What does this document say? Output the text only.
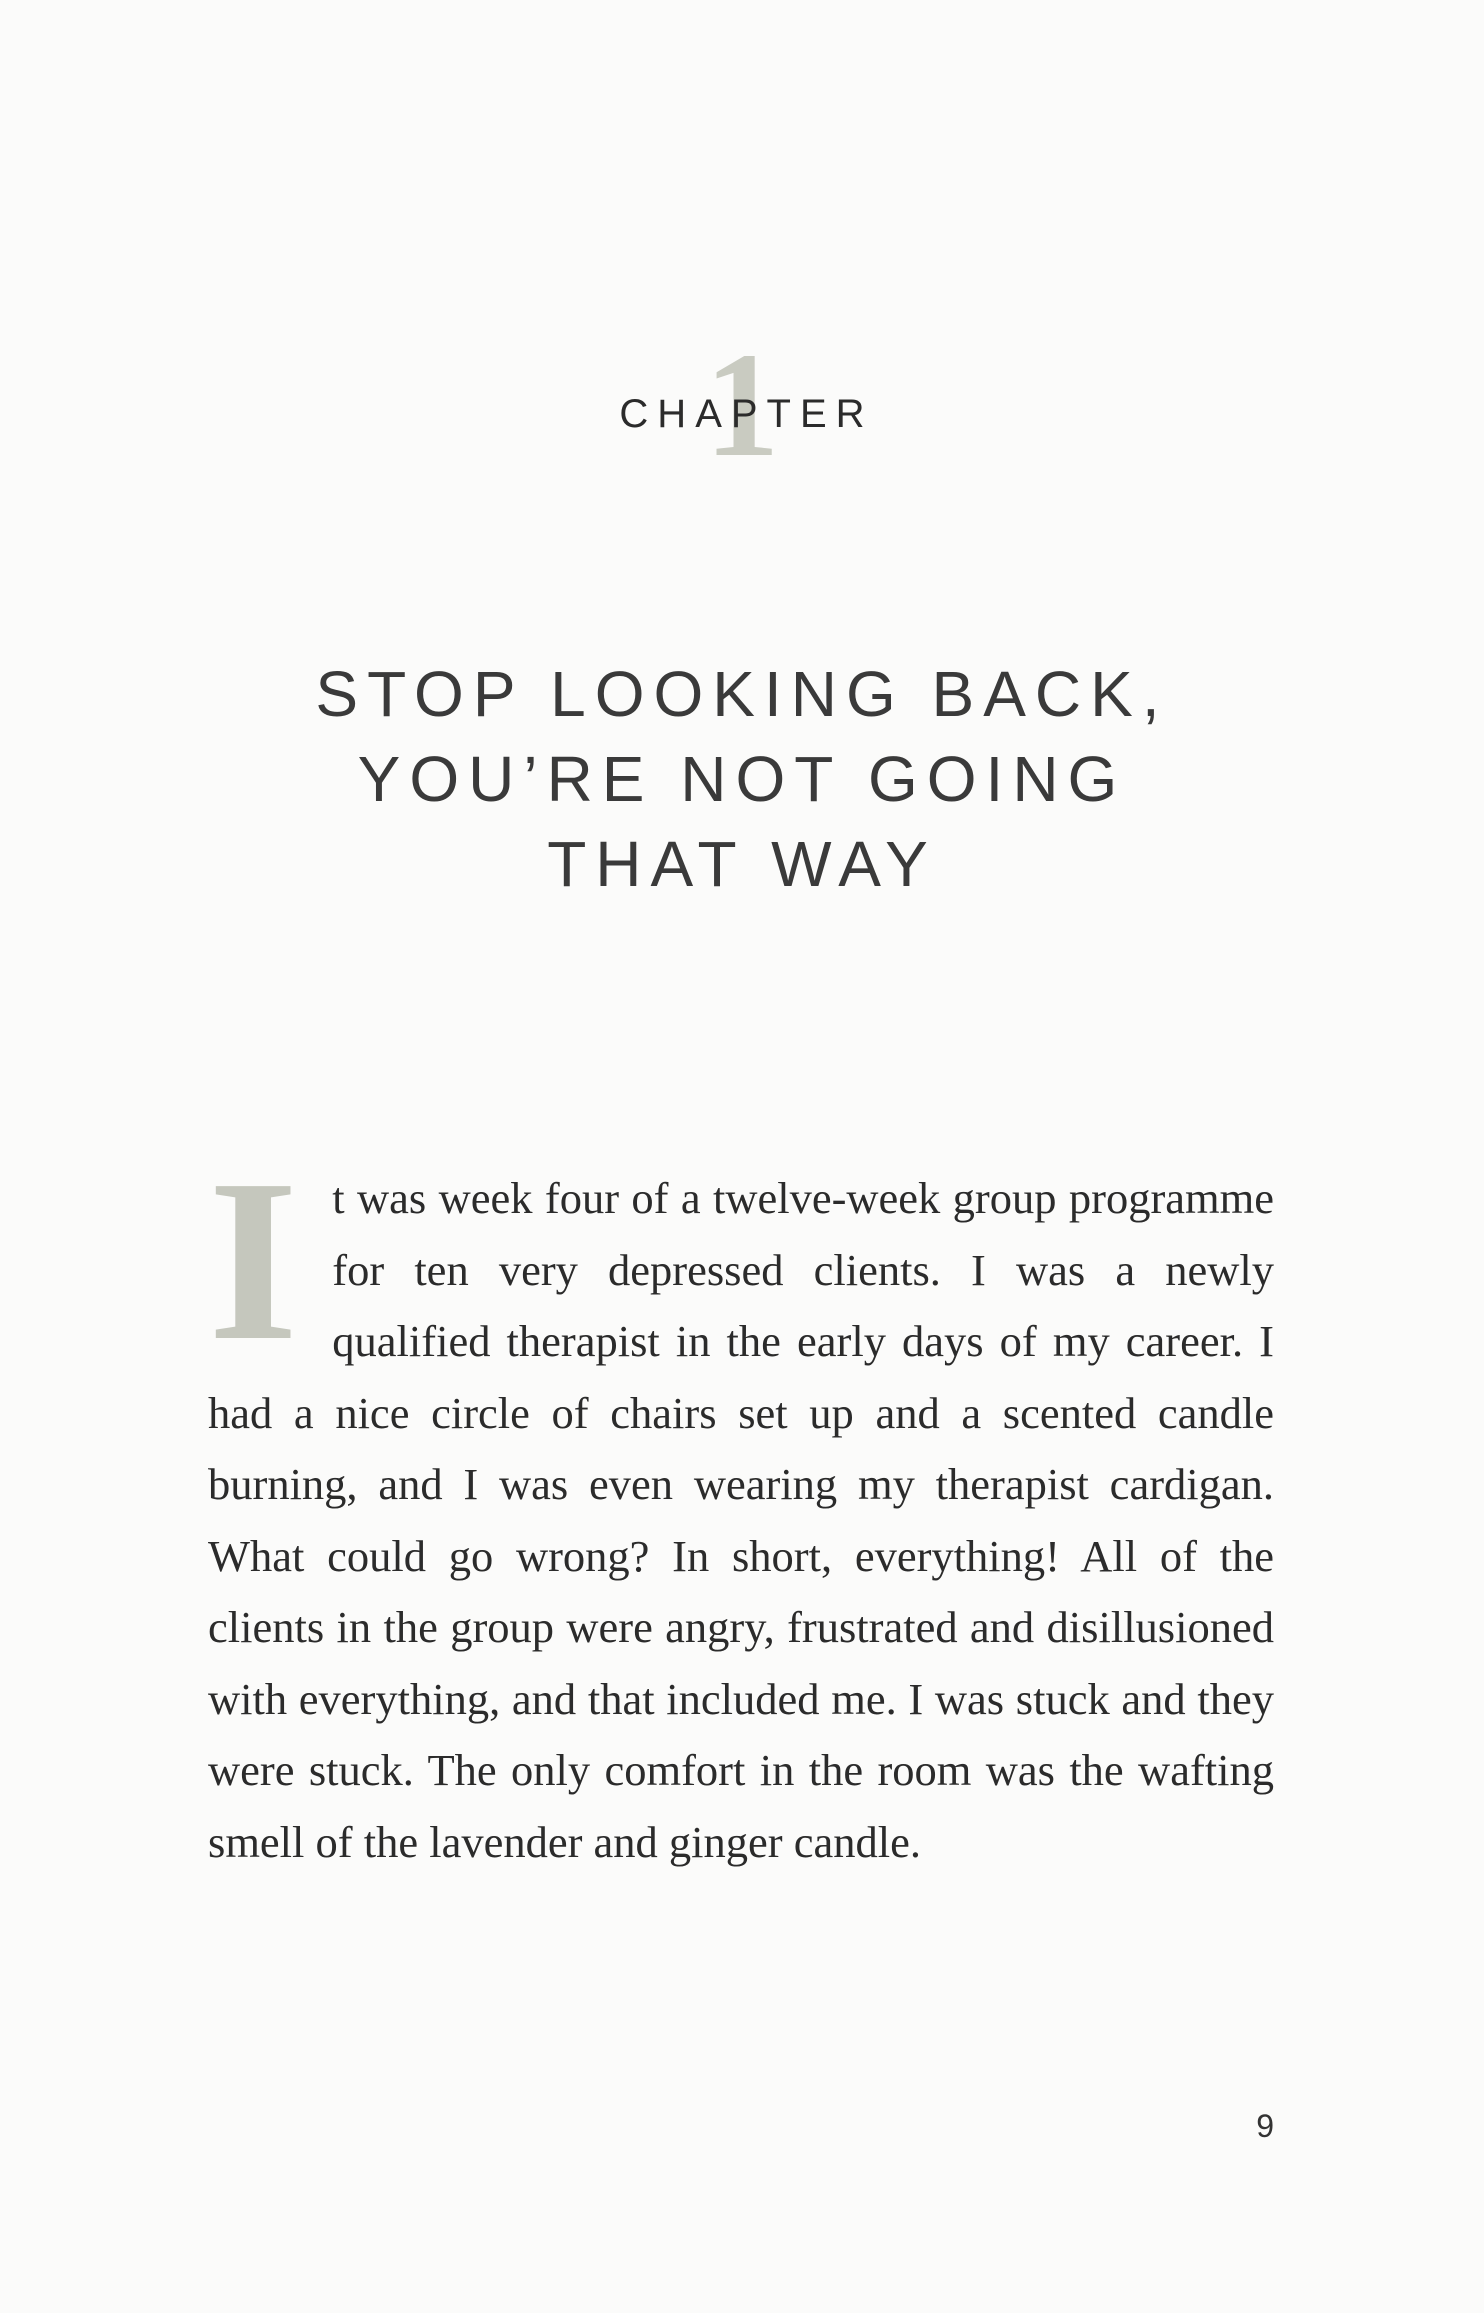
1
CHAPTER
STOP LOOKING BACK,
YOU’RE NOT GOING
THAT WAY
It was week four of a twelve-week group programme for ten very depressed clients. I was a newly qualified therapist in the early days of my career. I had a nice circle of chairs set up and a scented candle burning, and I was even wearing my therapist cardigan. What could go wrong? In short, everything! All of the clients in the group were angry, frustrated and disillusioned with everything, and that included me. I was stuck and they were stuck. The only comfort in the room was the wafting smell of the lavender and ginger candle.
9
